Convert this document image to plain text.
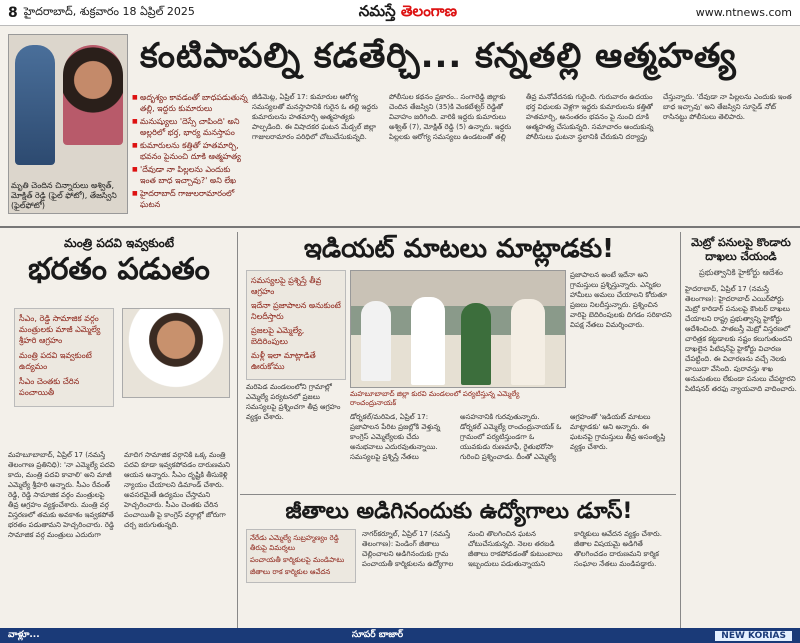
8 హైదరాబాద్‌, శుక్రవారం 18 ఏప్రిల్‌ 2025	నమస్తే తెలంగాణ	www.ntnews.com
మృతి చెందిన చిన్నారులు అశ్విత్‌, మోక్షిత్‌ రెడ్డి (ఫైల్‌ ఫోటో), తేజస్విని (ఫైల్‌ఫోటో)
కంటిపాపల్ని కడతేర్చి... కన్నతల్లి ఆత్మహత్య
■ అదృశ్యం కావడంతో బాధపడుతున్న తల్లి, ఇద్దరు కుమారులు
■ మనుష్యులు 'దెస్సే చాపింది' అని అల్లరిలో భర్త, భార్య మనస్తాపం
■ కుమారులను కత్తితో హతమార్చి, భవనం పైనుంచి దూకి ఆత్మహత్య
■ 'దేవుడా నా పిల్లలను ఎందుకు ఇంత బాధ ఇచ్చావు?' అని లేఖ
■ హైదరాబాద్‌ గాజులరామారంలో ఘటన
జీడిమెట్ల, ఏప్రిల్‌ 17: కుమారుల ఆరోగ్య సమస్యలతో మనస్తాపానికి గురైన ఓ తల్లి ఇద్దరు కుమారులను హతమార్చి ఆత్మహత్యకు పాల్పడింది. ఈ విషాదకర ఘటన మేడ్చల్‌ జిల్లా గాజులరామారం పరిధిలో చోటుచేసుకున్నది. పోలీసుల కథనం ప్రకారం.. సంగారెడ్డి జిల్లాకు చెందిన తేజస్విని (35)కి వెంకటేశ్వర్‌ రెడ్డితో వివాహం జరిగింది. వారికి ఇద్దరు కుమారులు అశ్విత్‌ (7), మోక్షిత్‌ రెడ్డి (5) ఉన్నారు. ఇద్దరు పిల్లలకు ఆరోగ్య సమస్యలు ఉండటంతో తల్లి తీవ్ర మనోవేదనకు గురైంది. గురువారం ఉదయం భర్త విధులకు వెళ్లగా ఇద్దరు కుమారులను కత్తితో హతమార్చి, అనంతరం భవనం పై నుంచి దూకి ఆత్మహత్య చేసుకున్నది. సమాచారం అందుకున్న పోలీసులు ఘటనా స్థలానికి చేరుకుని దర్యాప్తు చేస్తున్నారు. 'దేవుడా నా పిల్లలను ఎందుకు ఇంత బాధ ఇచ్చావు' అని తేజస్విని సూసైడ్‌ నోట్‌ రాసినట్టు పోలీసులు తెలిపారు.
మంత్రి పదవి ఇవ్వకుంటే
భరతం పడుతం
సీఎం, రెడ్డి సామాజిక వర్గం మంత్రులకు మాజీ ఎమ్మెల్యే శ్రీహరి ఆగ్రహం
మంత్రి పదవి ఇవ్వకుంటే ఉద్యమం
సీఎం చెంతకు చేరిన పంచాయితీ
మహబూబాబాద్‌, ఏప్రిల్‌ 17 (నమస్తే తెలంగాణ ప్రతినిధి): 'నా ఎమ్మెల్యే పదవి కాదు, మంత్రి పదవి కావాలి' అని మాజీ ఎమ్మెల్యే శ్రీహరి అన్నారు. సీఎం రేవంత్‌ రెడ్డి, రెడ్డి సామాజిక వర్గం మంత్రులపై తీవ్ర ఆగ్రహం వ్యక్తంచేశారు. మంత్రి వర్గ విస్తరణలో తమకు అవకాశం ఇవ్వకపోతే భరతం పడుతామని హెచ్చరించారు. రెడ్డి సామాజిక వర్గ మంత్రులు ఎదురుగా మాదిగ సామాజిక వర్గానికి ఒక్క మంత్రి పదవి కూడా ఇవ్వకపోవడం దారుణమని ఆయన అన్నారు. సీఎం దృష్టికి తీసుకెళ్లి న్యాయం చేయాలని డిమాండ్‌ చేశారు. అవసరమైతే ఉద్యమం చేస్తామని హెచ్చరించారు. సీఎం చెంతకు చేరిన పంచాయితీ పై కాంగ్రెస్‌ వర్గాల్లో జోరుగా చర్చ జరుగుతున్నది.
ఇడియట్‌ మాటలు మాట్లాడకు!
సమస్యలపై ప్రశ్నిస్తే తీవ్ర ఆగ్రహం
ఇదేనా ప్రజాపాలన అనుకుంటే నిలదీస్తారు
ప్రజలపై ఎమ్మెల్యే, బెదిరింపులు
మళ్లీ ఇలా మాట్లాడితే ఊరుకోము
మరిపెడ మండలంలోని గ్రామాల్లో ఎమ్మెల్యే పర్యటనలో ప్రజలు సమస్యలపై ప్రశ్నించగా తీవ్ర ఆగ్రహం వ్యక్తం చేశారు.
మహబూబాబాద్‌ జిల్లా కురవి మండలంలో పర్యటిస్తున్న ఎమ్మెల్యే రాంచంద్రునాయక్‌
డోర్నకల్‌/మరిపెడ, ఏప్రిల్‌ 17: ప్రజాపాలన పేరిట ప్రజల్లోకి వెళ్తున్న కాంగ్రెస్‌ ఎమ్మెల్యేలకు చేదు అనుభవాలు ఎదురవుతున్నాయి. సమస్యలపై ప్రశ్నిస్తే నేతలు అసహనానికి గురవుతున్నారు. డోర్నకల్‌ ఎమ్మెల్యే రాంచంద్రునాయక్‌ ఓ గ్రామంలో పర్యటిస్తుండగా ఓ యువకుడు రుణమాఫీ, రైతుభరోసా గురించి ప్రశ్నించాడు. దీంతో ఎమ్మెల్యే ఆగ్రహంతో 'ఇడియట్‌ మాటలు మాట్లాడకు' అని అన్నారు. ఈ ఘటనపై గ్రామస్తులు తీవ్ర అసంతృప్తి వ్యక్తం చేశారు.
ప్రజాపాలన అంటే ఇదేనా అని గ్రామస్తులు ప్రశ్నిస్తున్నారు. ఎన్నికల హామీలు అమలు చేయాలని కోరుతూ ప్రజలు నిలదీస్తున్నారు. ప్రశ్నించిన వారిపై బెదిరింపులకు దిగడం సరికాదని విపక్ష నేతలు విమర్శించారు.
మెట్రో పనులపై కొండారు దాఖలు చేయండి
ప్రభుత్వానికి హైకోర్టు ఆదేశం
హైదరాబాద్‌, ఏప్రిల్‌ 17 (నమస్తే తెలంగాణ): హైదరాబాద్‌ ఎయిర్‌పోర్టు మెట్రో కారిడార్‌ పనులపై కౌంటర్‌ దాఖలు చేయాలని రాష్ట్ర ప్రభుత్వాన్ని హైకోర్టు ఆదేశించింది. పాతబస్తీ మెట్రో విస్తరణలో చారిత్రక కట్టడాలకు నష్టం కలుగుతుందని దాఖలైన పిటిషన్‌పై హైకోర్టు విచారణ చేపట్టింది. ఈ విచారణను వచ్చే నెలకు వాయిదా వేసింది. పురావస్తు శాఖ అనుమతులు లేకుండా పనులు చేపట్టారని పిటిషనర్‌ తరఫు న్యాయవాది వాదించారు.
జీతాలు అడిగినందుకు ఉద్యోగాలు డూస్‌!
నేరేడు ఎమ్మెల్యే సుబ్రహ్మణ్యం రెడ్డి తీరుపై విమర్శలు
పంచాయతీ కార్మికులపై మండిపాటు
జీతాలు రాక కార్మికుల ఆవేదన
నాగర్‌కర్నూల్‌, ఏప్రిల్‌ 17 (నమస్తే తెలంగాణ): పెండింగ్‌ జీతాలు చెల్లించాలని అడిగినందుకు గ్రామ పంచాయతీ కార్మికులను ఉద్యోగాల నుంచి తొలగించిన ఘటన చోటుచేసుకున్నది. నెలల తరబడి జీతాలు రాకపోవడంతో కుటుంబాలు ఇబ్బందులు పడుతున్నాయని కార్మికులు ఆవేదన వ్యక్తం చేశారు. జీతాల విషయమై అడిగితే తొలగించడం దారుణమని కార్మిక సంఘాల నేతలు మండిపడ్డారు.
వాళ్లూ...	సూపర్‌ బాజార్‌	NEW KORIAS
